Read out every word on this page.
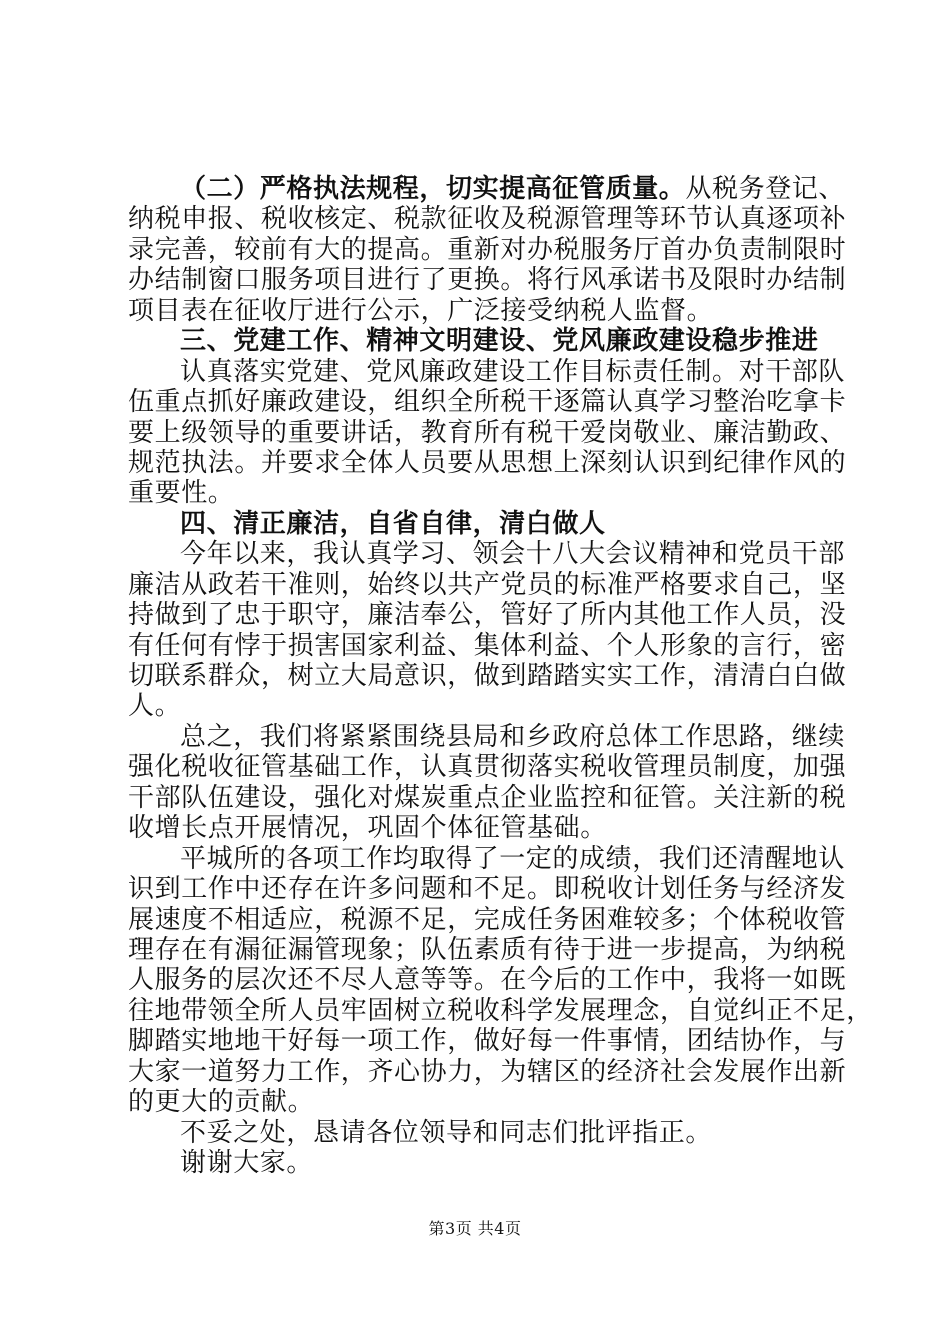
（二）严格执法规程，切实提高征管质量。从税务登记、
纳税申报、税收核定、税款征收及税源管理等环节认真逐项补
录完善，较前有大的提高。重新对办税服务厅首办负责制限时
办结制窗口服务项目进行了更换。将行风承诺书及限时办结制
项目表在征收厅进行公示，广泛接受纳税人监督。
三、党建工作、精神文明建设、党风廉政建设稳步推进
认真落实党建、党风廉政建设工作目标责任制。对干部队
伍重点抓好廉政建设，组织全所税干逐篇认真学习整治吃拿卡
要上级领导的重要讲话，教育所有税干爱岗敬业、廉洁勤政、
规范执法。并要求全体人员要从思想上深刻认识到纪律作风的
重要性。
四、清正廉洁，自省自律，清白做人
今年以来，我认真学习、领会十八大会议精神和党员干部
廉洁从政若干准则，始终以共产党员的标准严格要求自己，坚
持做到了忠于职守，廉洁奉公，管好了所内其他工作人员，没
有任何有悖于损害国家利益、集体利益、个人形象的言行，密
切联系群众，树立大局意识，做到踏踏实实工作，清清白白做
人。
总之，我们将紧紧围绕县局和乡政府总体工作思路，继续
强化税收征管基础工作，认真贯彻落实税收管理员制度，加强
干部队伍建设，强化对煤炭重点企业监控和征管。关注新的税
收增长点开展情况，巩固个体征管基础。
平城所的各项工作均取得了一定的成绩，我们还清醒地认
识到工作中还存在许多问题和不足。即税收计划任务与经济发
展速度不相适应，税源不足，完成任务困难较多；个体税收管
理存在有漏征漏管现象；队伍素质有待于进一步提高，为纳税
人服务的层次还不尽人意等等。在今后的工作中，我将一如既
往地带领全所人员牢固树立税收科学发展理念，自觉纠正不足，
脚踏实地地干好每一项工作，做好每一件事情，团结协作，与
大家一道努力工作，齐心协力，为辖区的经济社会发展作出新
的更大的贡献。
不妥之处，恳请各位领导和同志们批评指正。
谢谢大家。
第3页 共4页
